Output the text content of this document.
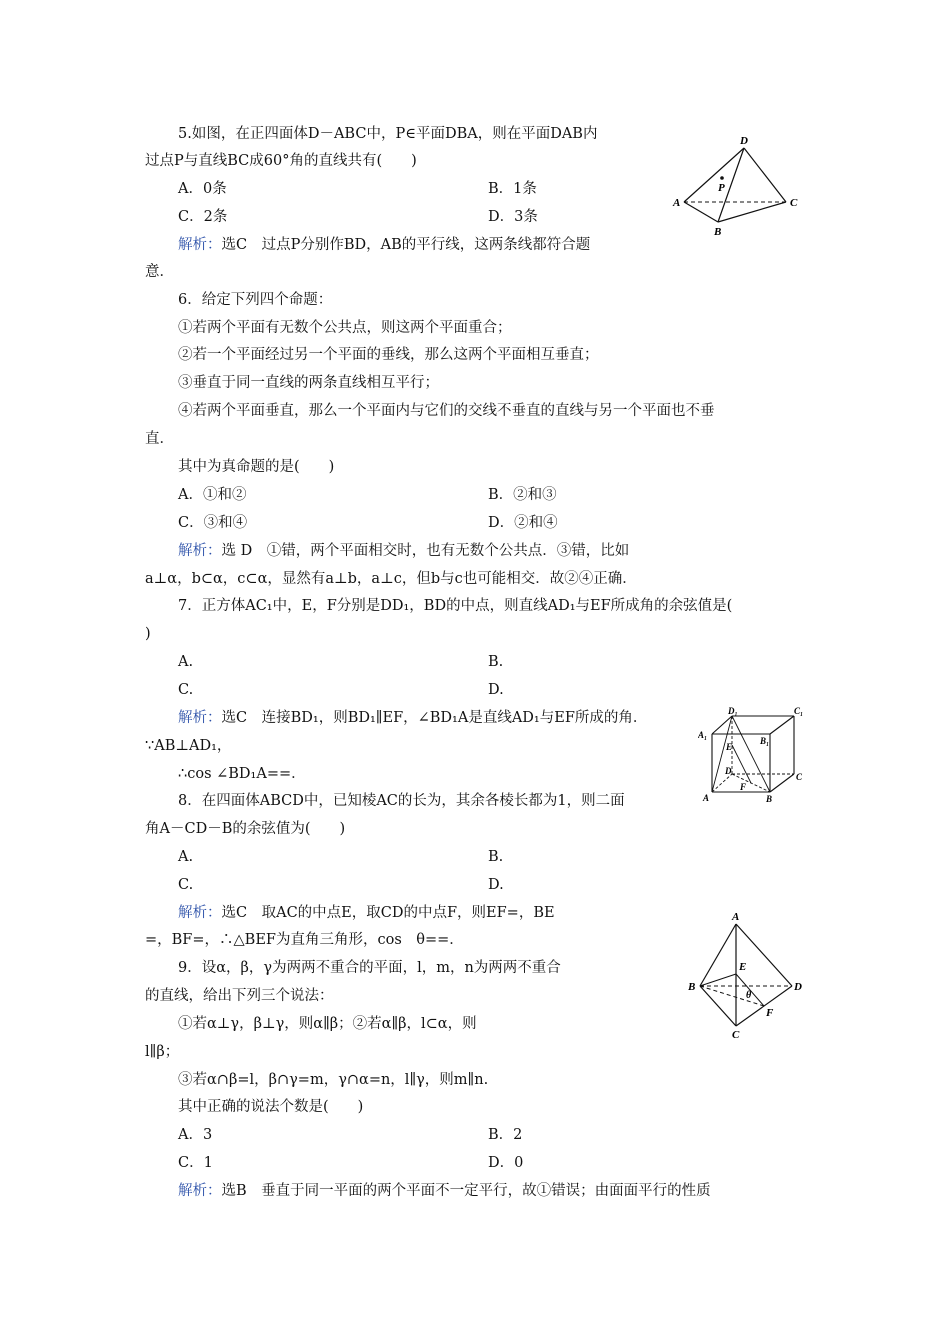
5.如图，在正四面体D－ABC中，P∈平面DBA，则在平面DAB内
过点P与直线BC成60°角的直线共有(　　)
A．0条	B．1条
C．2条	D．3条
解析：选C　过点P分别作BD，AB的平行线，这两条线都符合题
意．
D
P
A
B
C
6．给定下列四个命题：
①若两个平面有无数个公共点，则这两个平面重合；
②若一个平面经过另一个平面的垂线，那么这两个平面相互垂直；
③垂直于同一直线的两条直线相互平行；
④若两个平面垂直，那么一个平面内与它们的交线不垂直的直线与另一个平面也不垂
直．
其中为真命题的是(　　)
A．①和②	B．②和③
C．③和④	D．②和④
解析：选 D　①错，两个平面相交时，也有无数个公共点．③错，比如
a⊥α，b⊂α，c⊂α，显然有a⊥b，a⊥c，但b与c也可能相交．故②④正确．
7．正方体AC₁中，E，F分别是DD₁，BD的中点，则直线AD₁与EF所成角的余弦值是(
)
A.	B.
C.	D.
解析：选C　连接BD₁，则BD₁∥EF，∠BD₁A是直线AD₁与EF所成的角．
∵AB⊥AD₁，
∴cos ∠BD₁A==．
A₁
D₁	C₁
B₁
E
D
C
F
A	B
8．在四面体ABCD中，已知棱AC的长为，其余各棱长都为1，则二面
角A－CD－B的余弦值为(　　)
A.	B.
C.	D.
解析：选C　取AC的中点E，取CD的中点F，则EF=，BE
=，BF=，∴△BEF为直角三角形，cos　θ==．
A
E
B
θ
D
F
C
9．设α，β，γ为两两不重合的平面，l，m，n为两两不重合
的直线，给出下列三个说法：
①若α⊥γ，β⊥γ，则α∥β；②若α∥β，l⊂α，则
l∥β；
③若α∩β=l，β∩γ=m，γ∩α=n，l∥γ，则m∥n.
其中正确的说法个数是(　　)
A．3	B．2
C．1	D．0
解析：选B　垂直于同一平面的两个平面不一定平行，故①错误；由面面平行的性质
